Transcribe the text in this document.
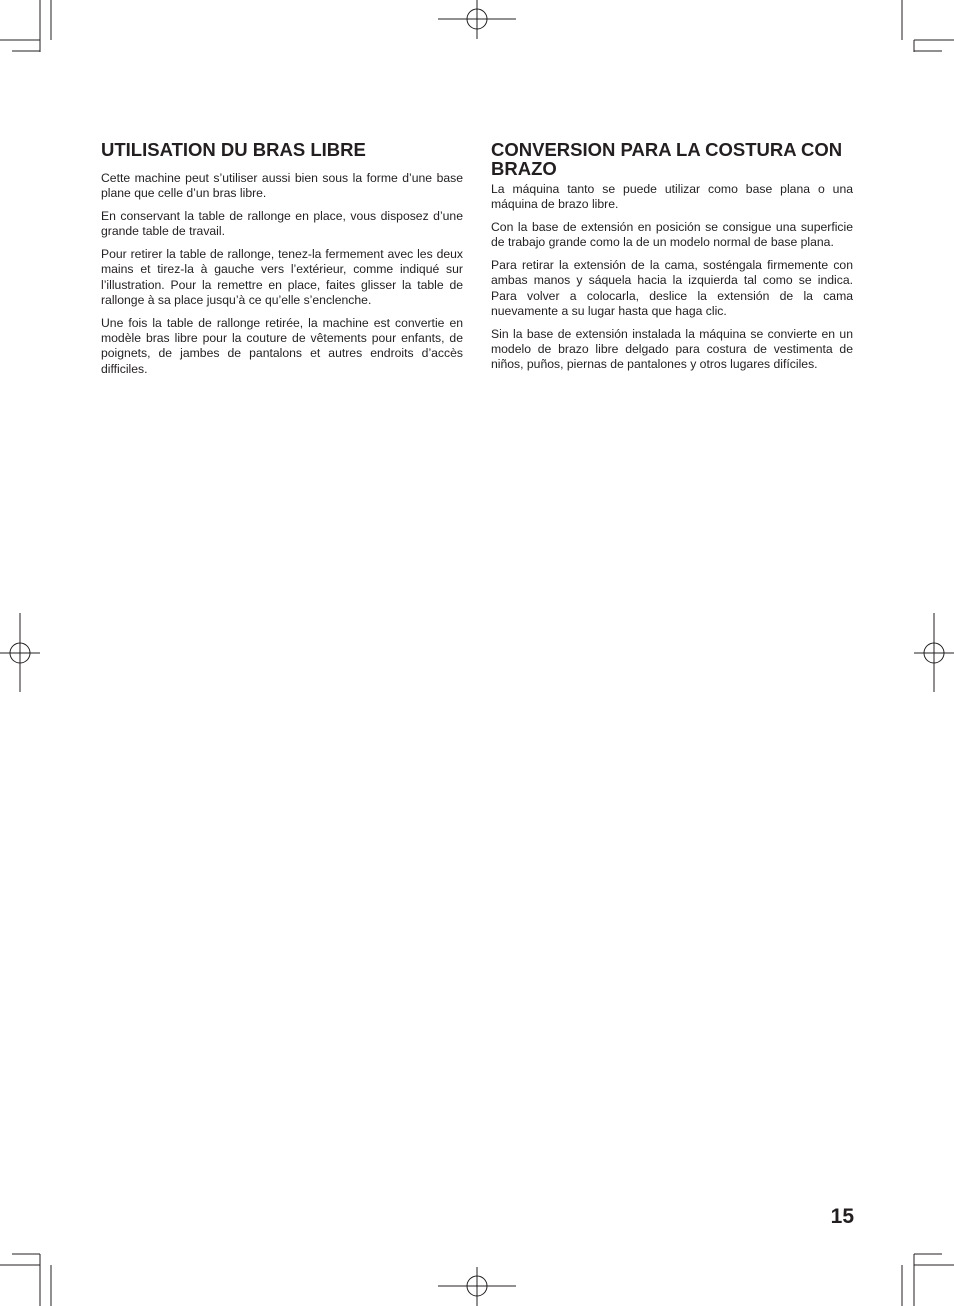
UTILISATION DU BRAS LIBRE

Cette machine peut s’utiliser aussi bien sous la forme d’une base plane que celle d’un bras libre.

En conservant la table de rallonge en place, vous disposez d’une grande table de travail.

Pour retirer la table de rallonge, tenez-la fermement avec les deux mains et tirez-la à gauche vers l’extérieur, comme indiqué sur l’illustration. Pour la remettre en place, faites glisser la table de rallonge à sa place jusqu’à ce qu’elle s’enclenche.

Une fois la table de rallonge retirée, la machine est convertie en modèle bras libre pour la couture de vêtements pour enfants, de poignets, de jambes de pantalons et autres endroits d’accès difficiles.

CONVERSION PARA LA COSTURA CON BRAZO

La máquina tanto se puede utilizar como base plana o una máquina de brazo libre.

Con la base de extensión en posición se consigue una superficie de trabajo grande como la de un modelo normal de base plana.

Para retirar la extensión de la cama, sosténgala firmemente con ambas manos y sáquela hacia la izquierda tal como se indica. Para volver a colocarla, deslice la extensión de la cama nuevamente a su lugar hasta que haga clic.

Sin la base de extensión instalada la máquina se convierte en un modelo de brazo libre delgado para costura de vestimenta de niños, puños, piernas de pantalones y otros lugares difíciles.

15
